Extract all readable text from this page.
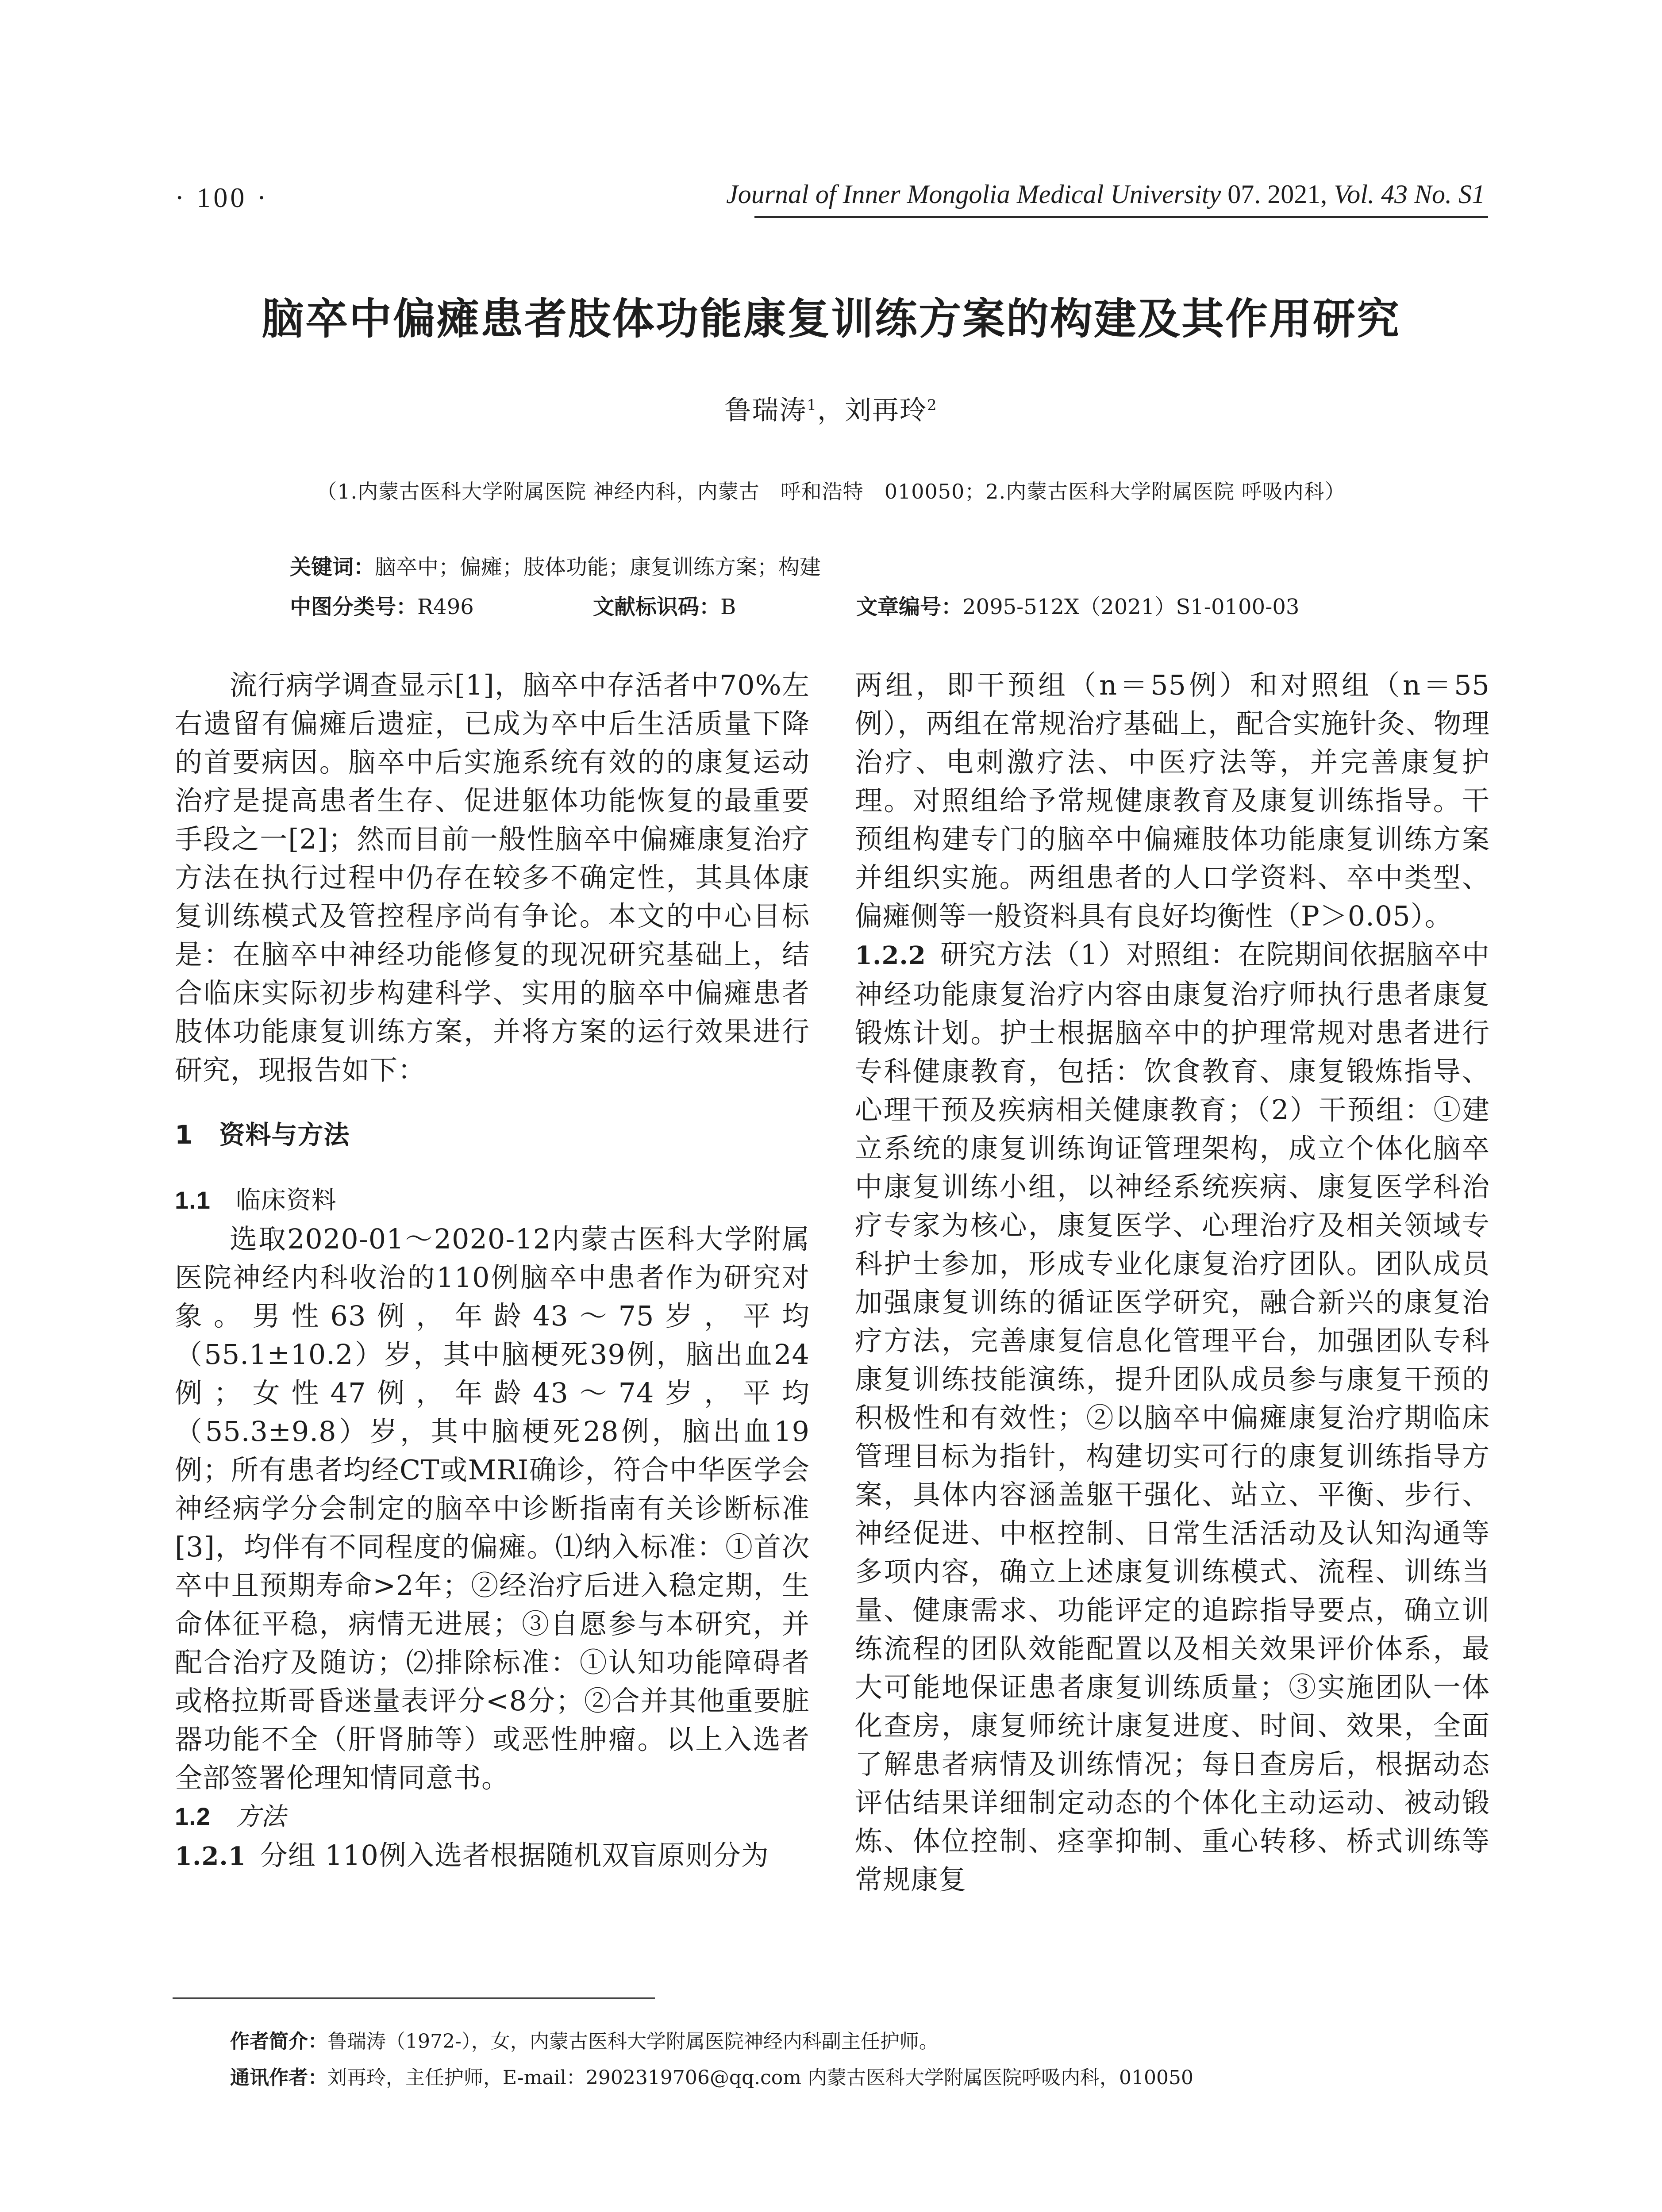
· 100 ·	Journal of Inner Mongolia Medical University 07. 2021, Vol. 43 No. S1
脑卒中偏瘫患者肢体功能康复训练方案的构建及其作用研究
鲁瑞涛$^1$，刘再玲$^2$
（1.内蒙古医科大学附属医院 神经内科，内蒙古　呼和浩特　010050；2.内蒙古医科大学附属医院 呼吸内科）
关键词：脑卒中；偏瘫；肢体功能；康复训练方案；构建
中图分类号：R496	文献标识码：B	文章编号：2095-512X（2021）S1-0100-03

流行病学调查显示[1]，脑卒中存活者中70%左右遗留有偏瘫后遗症，已成为卒中后生活质量下降的首要病因。脑卒中后实施系统有效的的康复运动治疗是提高患者生存、促进躯体功能恢复的最重要手段之一[2]；然而目前一般性脑卒中偏瘫康复治疗方法在执行过程中仍存在较多不确定性，其具体康复训练模式及管控程序尚有争论。本文的中心目标是：在脑卒中神经功能修复的现况研究基础上，结合临床实际初步构建科学、实用的脑卒中偏瘫患者肢体功能康复训练方案，并将方案的运行效果进行研究，现报告如下：

1  资料与方法
1.1  临床资料

选取2020-01～2020-12内蒙古医科大学附属医院神经内科收治的110例脑卒中患者作为研究对象。男性63例，年龄43～75岁，平均（55.1±10.2）岁，其中脑梗死39例，脑出血24例；女性47例，年龄43～74岁，平均（55.3±9.8）岁，其中脑梗死28例，脑出血19例；所有患者均经CT或MRI确诊，符合中华医学会神经病学分会制定的脑卒中诊断指南有关诊断标准[3]，均伴有不同程度的偏瘫。⑴纳入标准：①首次卒中且预期寿命>2年；②经治疗后进入稳定期，生命体征平稳，病情无进展；③自愿参与本研究，并配合治疗及随访；⑵排除标准：①认知功能障碍者或格拉斯哥昏迷量表评分<8分；②合并其他重要脏器功能不全（肝肾肺等）或恶性肿瘤。以上入选者全部签署伦理知情同意书。

1.2  方法

1.2.1  分组 110例入选者根据随机双盲原则分为

两组，即干预组（n＝55例）和对照组（n＝55例），两组在常规治疗基础上，配合实施针灸、物理治疗、电刺激疗法、中医疗法等，并完善康复护理。对照组给予常规健康教育及康复训练指导。干预组构建专门的脑卒中偏瘫肢体功能康复训练方案并组织实施。两组患者的人口学资料、卒中类型、偏瘫侧等一般资料具有良好均衡性（P＞0.05）。

1.2.2  研究方法（1）对照组：在院期间依据脑卒中神经功能康复治疗内容由康复治疗师执行患者康复锻炼计划。护士根据脑卒中的护理常规对患者进行专科健康教育，包括：饮食教育、康复锻炼指导、心理干预及疾病相关健康教育；（2）干预组：①建立系统的康复训练询证管理架构，成立个体化脑卒中康复训练小组，以神经系统疾病、康复医学科治疗专家为核心，康复医学、心理治疗及相关领域专科护士参加，形成专业化康复治疗团队。团队成员加强康复训练的循证医学研究，融合新兴的康复治疗方法，完善康复信息化管理平台，加强团队专科康复训练技能演练，提升团队成员参与康复干预的积极性和有效性；②以脑卒中偏瘫康复治疗期临床管理目标为指针，构建切实可行的康复训练指导方案，具体内容涵盖躯干强化、站立、平衡、步行、神经促进、中枢控制、日常生活活动及认知沟通等多项内容，确立上述康复训练模式、流程、训练当量、健康需求、功能评定的追踪指导要点，确立训练流程的团队效能配置以及相关效果评价体系，最大可能地保证患者康复训练质量；③实施团队一体化查房，康复师统计康复进度、时间、效果，全面了解患者病情及训练情况；每日查房后，根据动态评估结果详细制定动态的个体化主动运动、被动锻炼、体位控制、痉挛抑制、重心转移、桥式训练等常规康复

作者简介：鲁瑞涛（1972-），女，内蒙古医科大学附属医院神经内科副主任护师。
通讯作者：刘再玲，主任护师，E-mail：2902319706@qq.com 内蒙古医科大学附属医院呼吸内科，010050
